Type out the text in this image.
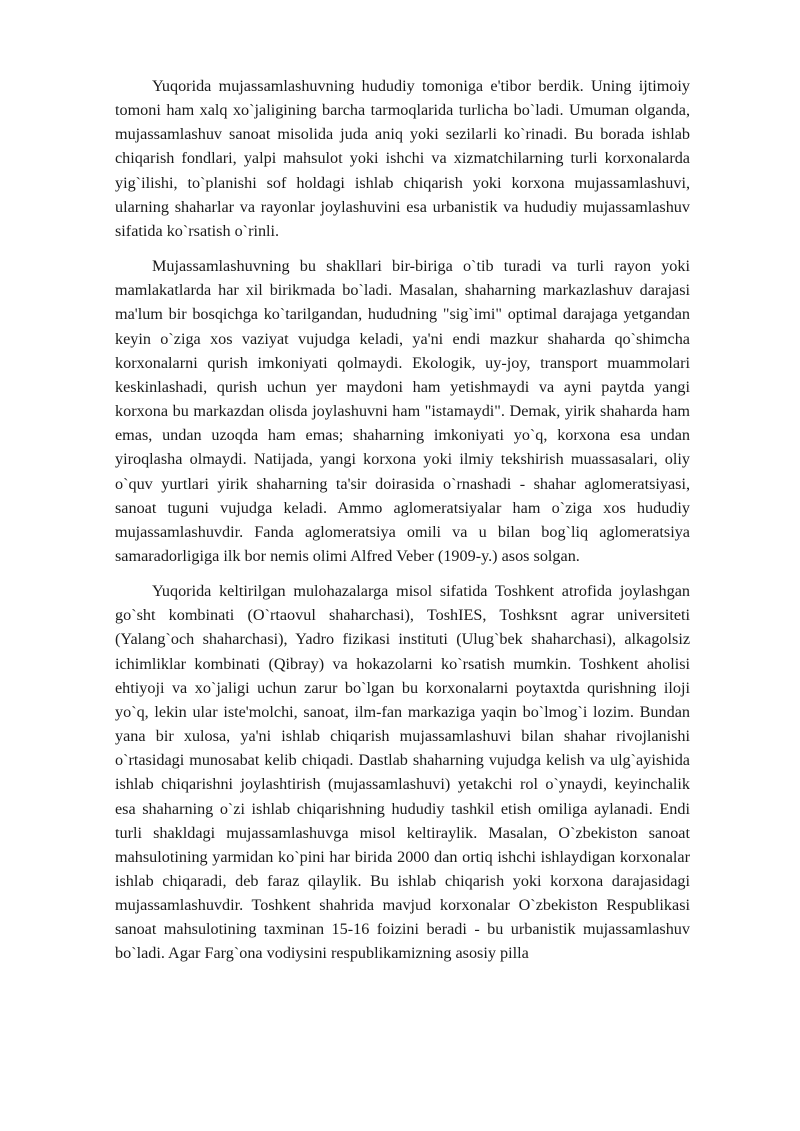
Yuqorida mujassamlashuvning hududiy tomoniga e'tibor berdik. Uning ijtimoiy tomoni ham xalq xo`jaligining barcha tarmoqlarida turlicha bo`ladi. Umuman olganda, mujassamlashuv sanoat misolida juda aniq yoki sezilarli ko`rinadi. Bu borada ishlab chiqarish fondlari, yalpi mahsulot yoki ishchi va xizmatchilarning turli korxonalarda yig`ilishi, to`planishi sof holdagi ishlab chiqarish yoki korxona mujassamlashuvi, ularning shaharlar va rayonlar joylashuvini esa urbanistik va hududiy mujassamlashuv sifatida ko`rsatish o`rinli.

Mujassamlashuvning bu shakllari bir-biriga o`tib turadi va turli rayon yoki mamlakatlarda har xil birikmada bo`ladi. Masalan, shaharning markazlashuv darajasi ma'lum bir bosqichga ko`tarilgandan, hududning "sig`imi" optimal darajaga yetgandan keyin o`ziga xos vaziyat vujudga keladi, ya'ni endi mazkur shaharda qo`shimcha korxonalarni qurish imkoniyati qolmaydi. Ekologik, uy-joy, transport muammolari keskinlashadi, qurish uchun yer maydoni ham yetishmaydi va ayni paytda yangi korxona bu markazdan olisda joylashuvni ham "istamaydi". Demak, yirik shaharda ham emas, undan uzoqda ham emas; shaharning imkoniyati yo`q, korxona esa undan yiroqlasha olmaydi. Natijada, yangi korxona yoki ilmiy tekshirish muassasalari, oliy o`quv yurtlari yirik shaharning ta'sir doirasida o`rnashadi - shahar aglomeratsiyasi, sanoat tuguni vujudga keladi. Ammo aglomeratsiyalar ham o`ziga xos hududiy mujassamlashuvdir. Fanda aglomeratsiya omili va u bilan bog`liq aglomeratsiya samaradorligiga ilk bor nemis olimi Alfred Veber (1909-y.) asos solgan.

Yuqorida keltirilgan mulohazalarga misol sifatida Toshkent atrofida joylashgan go`sht kombinati (O`rtaovul shaharchasi), ToshIES, Toshksnt agrar universiteti (Yalang`och shaharchasi), Yadro fizikasi instituti (Ulug`bek shaharchasi), alkagolsiz ichimliklar kombinati (Qibray) va hokazolarni ko`rsatish mumkin. Toshkent aholisi ehtiyoji va xo`jaligi uchun zarur bo`lgan bu korxonalarni poytaxtda qurishning iloji yo`q, lekin ular iste'molchi, sanoat, ilm-fan markaziga yaqin bo`lmog`i lozim. Bundan yana bir xulosa, ya'ni ishlab chiqarish mujassamlashuvi bilan shahar rivojlanishi o`rtasidagi munosabat kelib chiqadi. Dastlab shaharning vujudga kelish va ulg`ayishida ishlab chiqarishni joylashtirish (mujassamlashuvi) yetakchi rol o`ynaydi, keyinchalik esa shaharning o`zi ishlab chiqarishning hududiy tashkil etish omiliga aylanadi. Endi turli shakldagi mujassamlashuvga misol keltiraylik. Masalan, O`zbekiston sanoat mahsulotining yarmidan ko`pini har birida 2000 dan ortiq ishchi ishlaydigan korxonalar ishlab chiqaradi, deb faraz qilaylik. Bu ishlab chiqarish yoki korxona darajasidagi mujassamlashuvdir. Toshkent shahrida mavjud korxonalar O`zbekiston Respublikasi sanoat mahsulotining taxminan 15-16 foizini beradi - bu urbanistik mujassamlashuv bo`ladi. Agar Farg`ona vodiysini respublikamizning asosiy pilla
